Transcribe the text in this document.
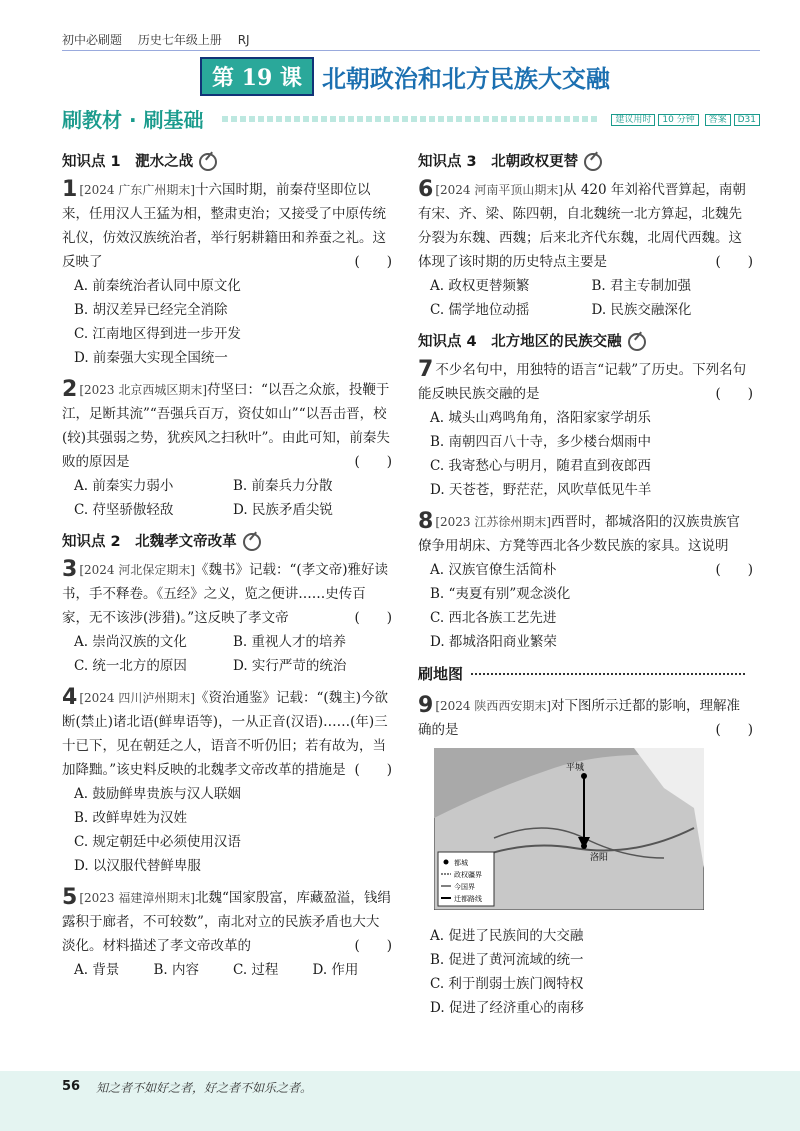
初中必刷题 历史七年级上册 RJ
第 19 课 北朝政治和北方民族大交融
刷教材 · 刷基础	建议用时 10 分钟 答案 D31
知识点 1　淝水之战
1 [2024 广东广州期末]十六国时期，前秦苻坚即位以来，任用汉人王猛为相，整肃吏治；又接受了中原传统礼仪，仿效汉族统治者，举行躬耕籍田和养蚕之礼。这反映了	(　　)
A. 前秦统治者认同中原文化
B. 胡汉差异已经完全消除
C. 江南地区得到进一步开发
D. 前秦强大实现全国统一
2 [2023 北京西城区期末]苻坚曰：“以吾之众旅，投鞭于江，足断其流”“吾强兵百万，资仗如山”“以吾击晋，校(较)其强弱之势，犹疾风之扫秋叶”。由此可知，前秦失败的原因是	(　　)
A. 前秦实力弱小	B. 前秦兵力分散
C. 苻坚骄傲轻敌	D. 民族矛盾尖锐
知识点 2　北魏孝文帝改革
3 [2024 河北保定期末]《魏书》记载：“(孝文帝)雅好读书，手不释卷。《五经》之义，览之便讲……史传百家，无不该涉(涉猎)。”这反映了孝文帝	(　　)
A. 崇尚汉族的文化	B. 重视人才的培养
C. 统一北方的原因	D. 实行严苛的统治
4 [2024 四川泸州期末]《资治通鉴》记载：“(魏主)今欲断(禁止)诸北语(鲜卑语等)，一从正音(汉语)……(年)三十已下，见在朝廷之人，语音不听仍旧；若有故为，当加降黜。”该史料反映的北魏孝文帝改革的措施是 (　　)
A. 鼓励鲜卑贵族与汉人联姻
B. 改鲜卑姓为汉姓
C. 规定朝廷中必须使用汉语
D. 以汉服代替鲜卑服
5 [2023 福建漳州期末]北魏“国家殷富，库藏盈溢，钱绢露积于廊者，不可较数”，南北对立的民族矛盾也大大淡化。材料描述了孝文帝改革的	(　　)
A. 背景	B. 内容	C. 过程	D. 作用
知识点 3　北朝政权更替
6 [2024 河南平顶山期末]从 420 年刘裕代晋算起，南朝有宋、齐、梁、陈四朝，自北魏统一北方算起，北魏先分裂为东魏、西魏；后来北齐代东魏，北周代西魏。这体现了该时期的历史特点主要是	(　　)
A. 政权更替频繁	B. 君主专制加强
C. 儒学地位动摇	D. 民族交融深化
知识点 4　北方地区的民族交融
7 不少名句中，用独特的语言“记载”了历史。下列名句能反映民族交融的是	(　　)
A. 城头山鸡鸣角角，洛阳家家学胡乐
B. 南朝四百八十寺，多少楼台烟雨中
C. 我寄愁心与明月，随君直到夜郎西
D. 天苍苍，野茫茫，风吹草低见牛羊
8 [2023 江苏徐州期末]西晋时，都城洛阳的汉族贵族官僚争用胡床、方凳等西北各少数民族的家具。这说明
(　　)
A. 汉族官僚生活简朴
B. “夷夏有别”观念淡化
C. 西北各族工艺先进
D. 都城洛阳商业繁荣
刷地图
9 [2024 陕西西安期末]对下图所示迁都的影响，理解准确的是	(　　)
平城
洛阳
都城
政权疆界
今国界
迁都路线
A. 促进了民族间的大交融
B. 促进了黄河流域的统一
C. 利于削弱士族门阀特权
D. 促进了经济重心的南移
56 知之者不如好之者，好之者不如乐之者。
